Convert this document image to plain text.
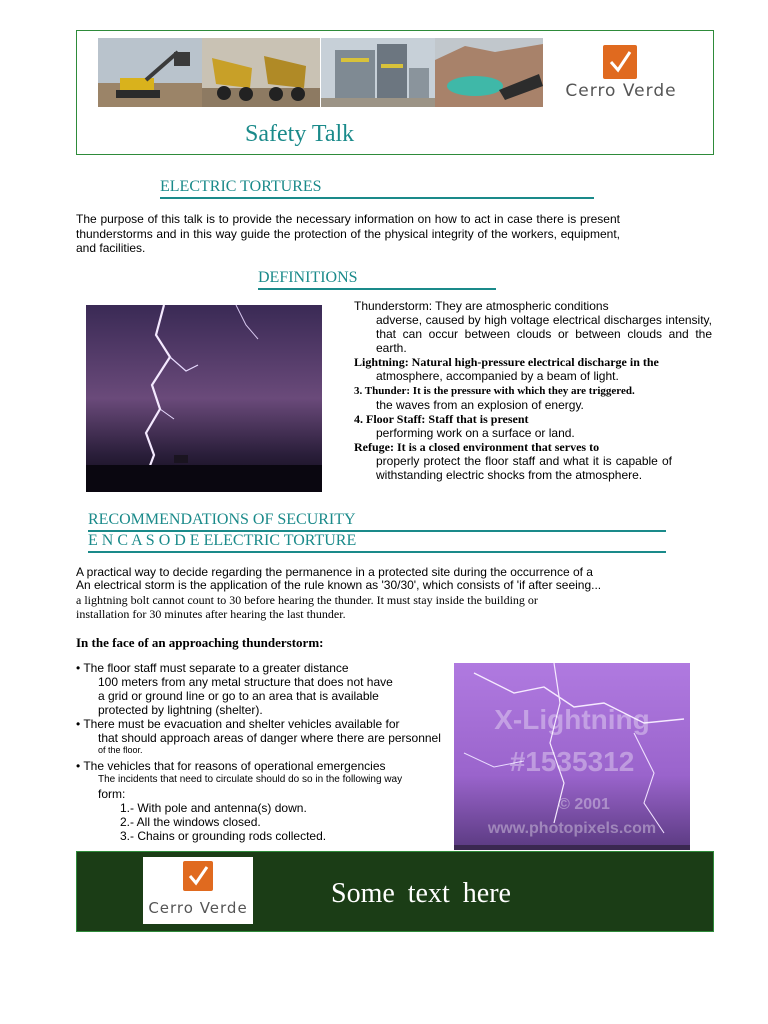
Cerro Verde
Safety Talk
ELECTRIC TORTURES
The purpose of this talk is to provide the necessary information on how to act in case there is present thunderstorms and in this way guide the protection of the physical integrity of the workers, equipment, and facilities.
DEFINITIONS
Thunderstorm: They are atmospheric conditions
adverse, caused by high voltage electrical discharges intensity, that can occur between clouds or between clouds and the earth.
Lightning: Natural high-pressure electrical discharge in the
atmosphere, accompanied by a beam of light.
3. Thunder: It is the pressure with which they are triggered.
the waves from an explosion of energy.
4. Floor Staff: Staff that is present
performing work on a surface or land.
Refuge: It is a closed environment that serves to
properly protect the floor staff and what it is capable of withstanding electric shocks from the atmosphere.
RECOMMENDATIONS OF SECURITY
E N C A S O D E ELECTRIC TORTURE
A practical way to decide regarding the permanence in a protected site during the occurrence of a
An electrical storm is the application of the rule known as '30/30', which consists of 'if after seeing...
a lightning bolt cannot count to 30 before hearing the thunder. It must stay inside the building or
installation for 30 minutes after hearing the last thunder.
In the face of an approaching thunderstorm:
• The floor staff must separate to a greater distance
100 meters from any metal structure that does not have
a grid or ground line or go to an area that is available
protected by lightning (shelter).
• There must be evacuation and shelter vehicles available for
that should approach areas of danger where there are personnel
of the floor.
• The vehicles that for reasons of operational emergencies
The incidents that need to circulate should do so in the following way
form:
1.- With pole and antenna(s) down.
2.- All the windows closed.
3.- Chains or grounding rods collected.
X-Lightning
#1535312
© 2001
www.photopixels.com
Cerro Verde	Some text here
